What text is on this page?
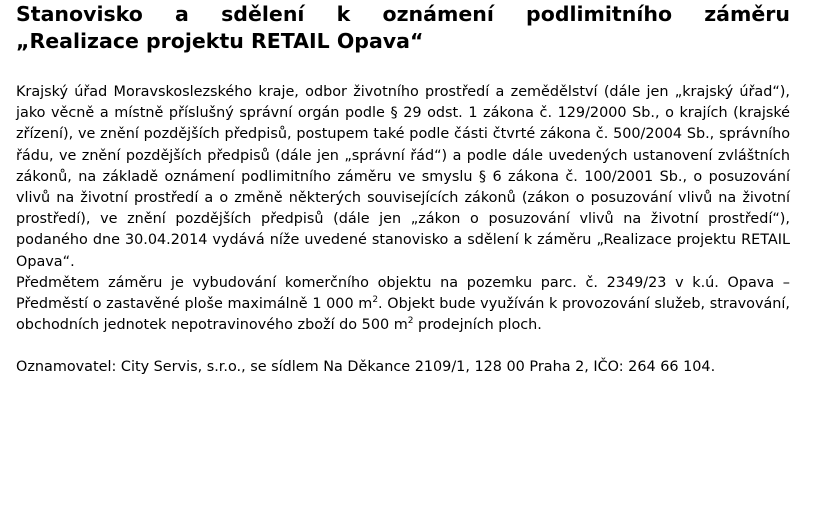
Stanovisko a sdělení k oznámení podlimitního záměru
„Realizace projektu RETAIL Opava“

Krajský úřad Moravskoslezského kraje, odbor životního prostředí a zemědělství (dále jen „krajský úřad“), jako věcně a místně příslušný správní orgán podle § 29 odst. 1 zákona č. 129/2000 Sb., o krajích (krajské zřízení), ve znění pozdějších předpisů, postupem také podle části čtvrté zákona č. 500/2004 Sb., správního řádu, ve znění pozdějších předpisů (dále jen „správní řád“) a podle dále uvedených ustanovení zvláštních zákonů, na základě oznámení podlimitního záměru ve smyslu § 6 zákona č. 100/2001 Sb., o posuzování vlivů na životní prostředí a o změně některých souvisejících zákonů (zákon o posuzování vlivů na životní prostředí), ve znění pozdějších předpisů (dále jen „zákon o posuzování vlivů na životní prostředí“), podaného dne 30.04.2014 vydává níže uvedené stanovisko a sdělení k záměru „Realizace projektu RETAIL Opava“.

Předmětem záměru je vybudování komerčního objektu na pozemku parc. č. 2349/23 v k.ú. Opava – Předměstí o zastavěné ploše maximálně 1 000 $m^2$. Objekt bude využíván k provozování služeb, stravování, obchodních jednotek nepotravinového zboží do 500 $m^2$ prodejních ploch.

Oznamovatel: City Servis, s.r.o., se sídlem Na Děkance 2109/1, 128 00 Praha 2, IČO: 264 66 104.
